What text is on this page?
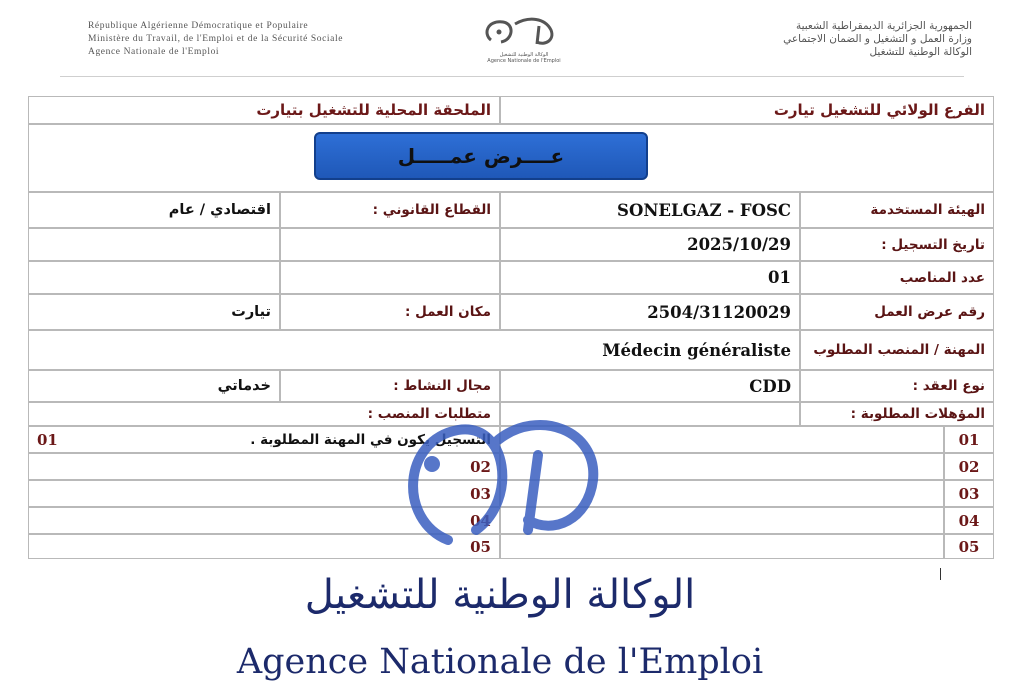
République Algérienne Démocratique et Populaire
Ministère du Travail, de l'Emploi et de la Sécurité Sociale
Agence Nationale de l'Emploi	الوكالة الوطنية للتشغيل
Agence Nationale de l'Emploi
الجمهورية الجزائرية الديمقراطية الشعبية
وزارة العمل و التشغيل و الضمان الاجتماعي
الوكالة الوطنية للتشغيل
الفرع الولائي للتشغيل تيارت
الملحقة المحلية للتشغيل بتيارت
عــــرض عمـــــل
الهيئة المستخدمة
SONELGAZ - FOSC
القطاع القانوني :
اقتصادي / عام
تاريخ التسجيل :
2025/10/29
عدد المناصب
01
رقم عرض العمل
2504/31120029
مكان العمل :
تيارت
المهنة / المنصب المطلوب
Médecin généraliste
نوع العقد :
CDD
مجال النشاط :
خدماتي
المؤهلات المطلوبة :
متطلبات المنصب :
01
التسجيل يكون في المهنة المطلوبة .
01
02
02
03
03
04
04
05
05
الوكالة الوطنية للتشغيل
Agence Nationale de l'Emploi
